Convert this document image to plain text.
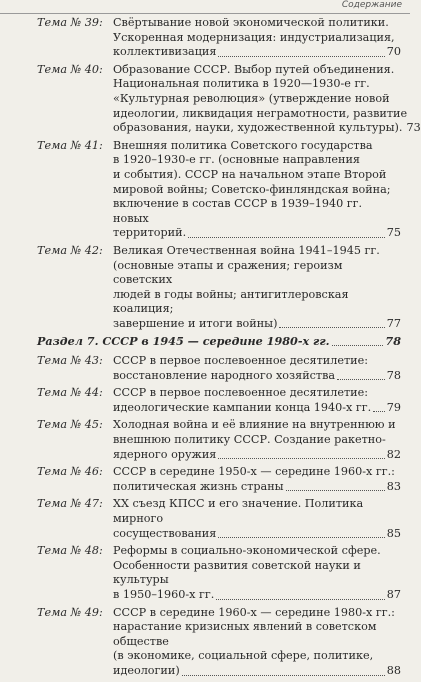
Содержание
Тема № 39: Свёртывание новой экономической политики.
Ускоренная модернизация: индустриализация,
коллективизация	70
Тема № 40: Образование СССР. Выбор путей объединения.
Национальная политика в 1920—1930-е гг.
«Культурная революция» (утверждение новой
идеологии, ликвидация неграмотности, развитие
образования, науки, художественной культуры). 73
Тема № 41: Внешняя политика Советского государства
в 1920–1930-е гг. (основные направления
и события). СССР на начальном этапе Второй
мировой войны; Советско-финляндская война;
включение в состав СССР в 1939–1940 гг. новых
территорий.	75
Тема № 42: Великая Отечественная война 1941–1945 гг.
(основные этапы и сражения; героизм советских
людей в годы войны; антигитлеровская коалиция;
завершение и итоги войны)	77
Раздел 7. СССР в 1945 — середине 1980-х гг.	78
Тема № 43: СССР в первое послевоенное десятилетие:
восстановление народного хозяйства	78
Тема № 44: СССР в первое послевоенное десятилетие:
идеологические кампании конца 1940-х гг. 79
Тема № 45: Холодная война и её влияние на внутреннюю и
внешнюю политику СССР. Создание ракетно-
ядерного оружия	82
Тема № 46: СССР в середине 1950-х — середине 1960-х гг.:
политическая жизнь страны	83
Тема № 47: XX съезд КПСС и его значение. Политика мирного
сосуществования	85
Тема № 48: Реформы в социально-экономической сфере.
Особенности развития советской науки и культуры
в 1950–1960-х гг.	87
Тема № 49: СССР в середине 1960-х — середине 1980-х гг.:
нарастание кризисных явлений в советском обществе
(в экономике, социальной сфере, политике,
идеологии)	88
